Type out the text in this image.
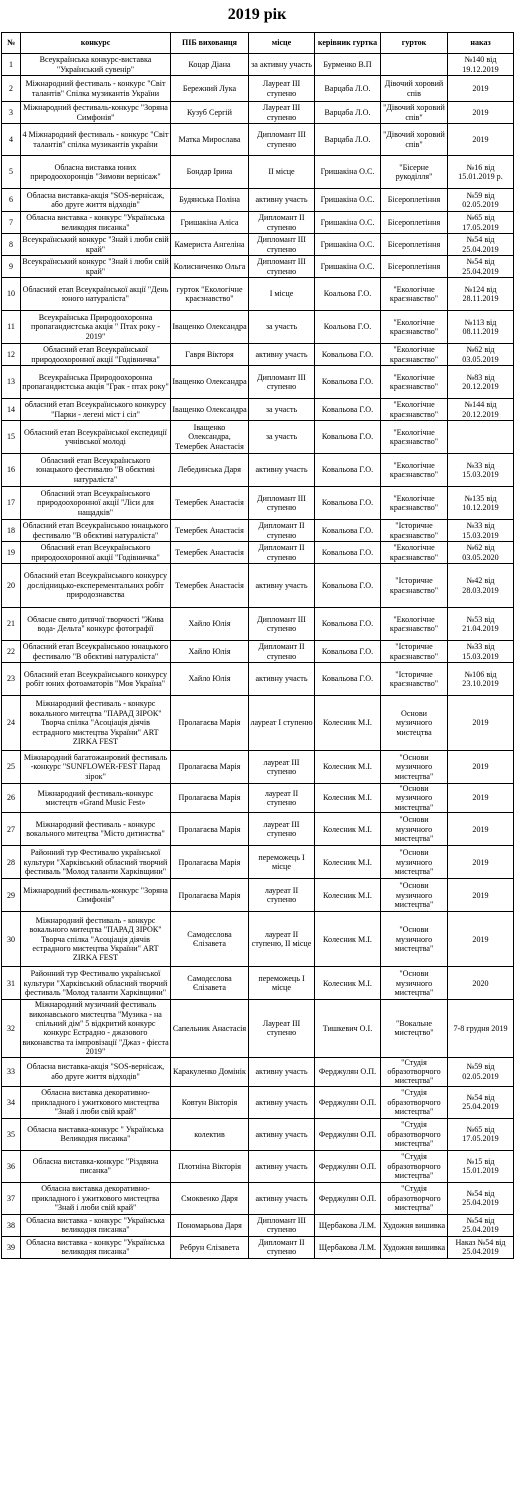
2019 рік
№	конкурс	ПІБ вихованця	місце	керівник гуртка	гурток	наказ
1	Всеукраїнська конкурс-виставка "Український сувенір"	Коцар Діана	за активну участь	Бурменко В.П		№140 від 19.12.2019
2	Міжнародний фестиваль - конкурс "Світ талантів" Спілка музикантів України	Бережний Лука	Лауреат ІІІ ступеню	Варцаба Л.О.	Дівочий хоровий спів	2019
3	Міжнародний фестиваль-конкурс "Зоряна Симфонія"	Кузуб Сергій	Лауреат ІІІ ступеню	Варцаба Л.О.	"Дівочий хоровий спів"	2019
4	4 Міжнародний фестиваль - конкурс "Світ талантів" спілка музикантів україни	Матка Мирослава	Дипломант ІІІ ступеню	Варцаба Л.О.	"Дівочий хоровий спів"	2019
5	Обласна виставка юних природоохоронців "Зимови вернісаж"	Бондар Ірина	ІІ місце	Гришакіна О.С.	"Бісерне рукоділля"	№16 від 15.01.2019 р.
6	Обласна виставка-акція "SOS-вернісаж, або друге життя відходів"	Будянська Поліна	активну участь	Гришакіна О.С.	Бісероплетіння	№59 від 02.05.2019
7	Обласна виставка - конкурс "Українська великодня писанка"	Гришакіна Аліса	Дипломант ІІ ступеню	Гришакіна О.С.	Бісероплетіння	№65 від 17.05.2019
8	Всеукраїнський конкурс "Знай і люби свій край"	Камериста Ангеліна	Дипломант ІІІ ступеню	Гришакіна О.С.	Бісероплетіння	№54 від 25.04.2019
9	Всеукраїнський конкурс "Знай і люби свій край"	Колисниченко Ольга	Дипломант ІІІ ступеню	Гришакіна О.С.	Бісероплетіння	№54 від 25.04.2019
10	Обласний етап Всеукраїнської акції "День юного натураліста"	гурток "Екологічне краєзнавство"	І місце	Коальова Г.О.	"Екологічне краєзнавство"	№124 від 28.11.2019
11	Всеукраїнська Природоохоронна пропагандистська акція " Птах року - 2019"	Іващенко Олександра	за участь	Коальова Г.О.	"Екологічне краєзнавство"	№113 від 08.11.2019
12	Обласний етап Всеукраїнської природоохоронної акції "Годівничка"	Гавря Вікторя	активну участь	Ковальова Г.О.	"Екологічне краєзнавство"	№62 від 03.05.2019
13	Всеукраїнська Природоохоронна пропагандистська акція "Грак - птах року"	Іващенко Олександра	Дипломант ІІІ ступеню	Ковальова Г.О.	"Екологічне краєзнавство"	№83 від 20.12.2019
14	обласний етап Всеукраїнського конкурсу "Парки - легені міст і сіл"	Іващенко Олександра	за участь	Ковальова Г.О.	"Екологічне краєзнавство"	№144 від 20.12.2019
15	Обласний етап Всеукраїнської експедиції учнівської молоді	Іващенко Олександра, Темербек Анастасія	за участь	Ковальова Г.О.	"Екологічне краєзнавство"	
16	Обласний етап Всеукраїнського юнацького фестивалю "В обєктиві натураліста"	Лебединська Даря	активну участь	Ковальова Г.О.	"Екологічне краєзнавство"	№33 від 15.03.2019
17	Обласний этап Всеукраїнського природоохоронної акції "Ліси для нащадків"	Темербек Анастасія	Дипломант ІІІ ступеню	Ковальова Г.О.	"Екологічне краєзнавство"	№135 від 10.12.2019
18	Обласний етап Всеукраїнськоо юнацького фестивалю "В обєктиві натураліста"	Темербек Анастасія	Дипломант ІІ ступеню	Ковальова Г.О.	"Історичне краєзнавство"	№33 від 15.03.2019
19	Обласний етап Всеукраїнського природоохоронної акції "Годівничка"	Темербек Анастасія	Дипломант ІІ ступеню	Ковальова Г.О.	"Екологічне краєзнавство"	№62 від 03.05.2020
20	Обласний етап Всеукраїнського конкурсу дослідницько-експерементальних робіт природознавства	Темербек Анастасія	активну участь	Ковальова Г.О.	"Історичне краєзнавство"	№42 від 28.03.2019
21	Обласне свято дитячої творчості "Жива вода- Дельта" конкурс фотографії	Хайло Юлія	Дипломант ІІІ ступеню	Ковальова Г.О.	"Екологічне краєзнавство"	№53 від 21.04.2019
22	Обласний етап Всеукраїнськоо юнацького фестивалю "В обєктиві натураліста"	Хайло Юлія	Дипломант ІІ ступеню	Ковальова Г.О.	"Історичне краєзнавство"	№33 від 15.03.2019
23	Обласний етап Всеукраїнського конкурсу робіт юних фотоаматорів "Моя Україна"	Хайло Юлія	активну участь	Ковальова Г.О.	"Історичне краєзнавство"	№106 від 23.10.2019
24	Міжнародний фестиваль - конкурс вокального митецтва "ПАРАД ЗІРОК" Творча спілка "Асоціація діячів естрадного мистецтва України" ART ZIRKA FEST	Пролагаєва Марія	лауреат І ступеню	Колесник М.І.	Основи музичного мистецтва	2019
25	Міжнародний багатожанровий фестиваль -конкурс "SUNFLOWER-FEST Парад зірок"	Пролагаєва Марія	лауреат ІІІ ступеню	Колесник М.І.	"Основи музичного мистецтва"	2019
26	Міжнародний фестиваль-конкурс мистецтв «Grand Music Fest»	Пролагаєва Марія	лауреат ІІ ступеню	Колесник М.І.	"Основи музичного мистецтва"	2019
27	Міжнародний фестиваль - конкурс вокального митецтва "Місто дитинства"	Пролагаєва Марія	лауреат ІІІ ступеню	Колесник М.І.	"Основи музичного мистецтва"	2019
28	Районний тур Фестивалю української культури "Харківський обласний творчий фестиваль "Молод таланти Харківщини"	Пролагаєва Марія	переможець І місце	Колесник М.І.	"Основи музичного мистецтва"	2019
29	Міжнародний фестиваль-конкурс "Зоряна Симфонія"	Пролагаєва Марія	лауреат ІІ ступеню	Колесник М.І.	"Основи музичного мистецтва"	2019
30	Міжнародний фестиваль - конкурс вокального митецтва "ПАРАД ЗІРОК" Творча спілка "Асоціація діячів естрадного мистецтва України" ART ZIRKA FEST	Самодєслова Єлізавета	лауреат ІІ ступеню, ІІ місце	Колесник М.І.	"Основи музичного мистецтва"	2019
31	Районний тур Фестивалю української культури "Харківський обласний творчий фестиваль "Молод таланти Харківщини"	Самодєслова Єлізавета	переможець І місце	Колесник М.І.	"Основи музичного мистецтва"	2020
32	Міжнародний музичний фестиваль виконавського мистецтва "Музика - на спільний дім" 5 відкритий конкурс конкурс Естрадно - джазового виконавства та імпровізації "Джаз - фієста 2019"	Сапельник Анастасія	Лауреат ІІІ ступеню	Тишкевич О.І.	"Вокальне мистецтво"	7-8 грудня 2019
33	Обласна виставка-акція "SOS-вернісаж, або друге життя відходів"	Каракуленко Домінік	активну участь	Ферджулян О.П.	"Студія образотворчого мистецтва"	№59 від 02.05.2019
34	Обласна виставка декоративно-прикладного і ужиткового мистецтва "Знай і люби свій край"	Ковтун Вікторія	активну участь	Ферджулян О.П.	"Студія образотворчого мистецтва"	№54 від 25.04.2019
35	Обласна виставка-конкурс " Українська Великодня писанка"	колектив	активну участь	Ферджулян О.П.	"Студія образотворчого мистецтва"	№65 від 17.05.2019
36	Обласна виставка-конкурс "Різдвяна писанка"	Плотніна Вікторія	активну участь	Ферджулян О.П.	"Студія образотворчого мистецтва"	№15 від 15.01.2019
37	Обласна виставка декоративно-прикладного і ужиткового мистецтва "Знай і люби свій край"	Смоквенко Даря	активну участь	Ферджулян О.П.	"Студія образотворчого мистецтва"	№54 від 25.04.2019
38	Обласна виставка - конкурс "Українська великодня писанка"	Пономарьова Даря	Дипломант ІІІ ступеню	Щербакова Л.М.	Художня вишивка	№54 від 25.04.2019
39	Обласна виставка - конкурс "Українська великодня писанка"	Ребрун Єлізавета	Дипломант ІІ ступеню	Щербакова Л.М.	Художня вишивка	Наказ №54 від 25.04.2019
